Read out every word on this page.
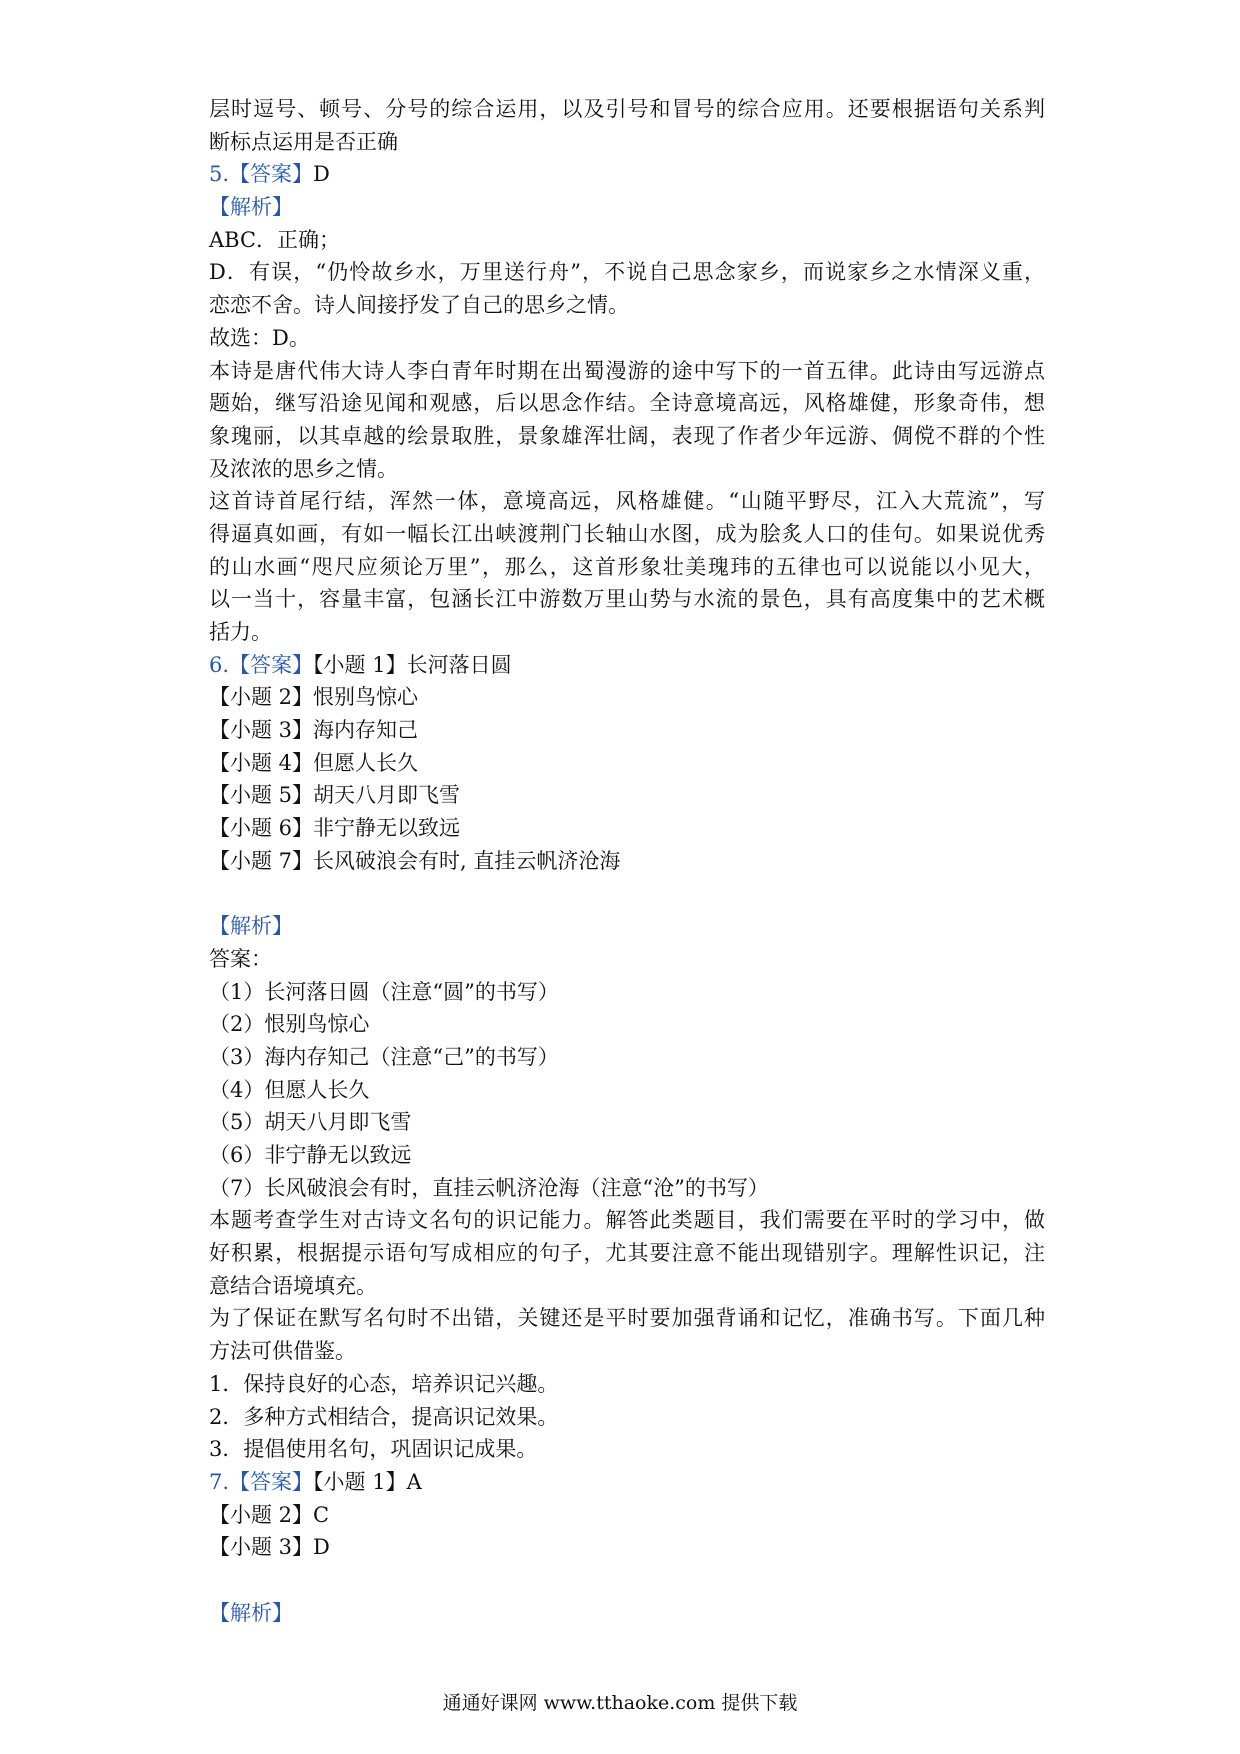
层时逗号、顿号、分号的综合运用，以及引号和冒号的综合应用。还要根据语句关系判
断标点运用是否正确
5.【答案】D
【解析】
ABC．正确；
D．有误，“仍怜故乡水，万里送行舟”，不说自己思念家乡，而说家乡之水情深义重，
恋恋不舍。诗人间接抒发了自己的思乡之情。
故选：D。
本诗是唐代伟大诗人李白青年时期在出蜀漫游的途中写下的一首五律。此诗由写远游点
题始，继写沿途见闻和观感，后以思念作结。全诗意境高远，风格雄健，形象奇伟，想
象瑰丽，以其卓越的绘景取胜，景象雄浑壮阔，表现了作者少年远游、倜傥不群的个性
及浓浓的思乡之情。
这首诗首尾行结，浑然一体，意境高远，风格雄健。“山随平野尽，江入大荒流”，写
得逼真如画，有如一幅长江出峡渡荆门长轴山水图，成为脍炙人口的佳句。如果说优秀
的山水画“咫尺应须论万里”，那么，这首形象壮美瑰玮的五律也可以说能以小见大，
以一当十，容量丰富，包涵长江中游数万里山势与水流的景色，具有高度集中的艺术概
括力。
6.【答案】【小题 1】长河落日圆
【小题 2】恨别鸟惊心
【小题 3】海内存知己
【小题 4】但愿人长久
【小题 5】胡天八月即飞雪
【小题 6】非宁静无以致远
【小题 7】长风破浪会有时, 直挂云帆济沧海
【解析】
答案：
（1）长河落日圆（注意“圆”的书写）
（2）恨别鸟惊心
（3）海内存知己（注意“己”的书写）
（4）但愿人长久
（5）胡天八月即飞雪
（6）非宁静无以致远
（7）长风破浪会有时，直挂云帆济沧海（注意“沧”的书写）
本题考查学生对古诗文名句的识记能力。解答此类题目，我们需要在平时的学习中，做
好积累，根据提示语句写成相应的句子，尤其要注意不能出现错别字。理解性识记，注
意结合语境填充。
为了保证在默写名句时不出错，关键还是平时要加强背诵和记忆，准确书写。下面几种
方法可供借鉴。
1．保持良好的心态，培养识记兴趣。
2．多种方式相结合，提高识记效果。
3．提倡使用名句，巩固识记成果。
7.【答案】【小题 1】A
【小题 2】C
【小题 3】D
【解析】
通通好课网 www.tthaoke.com 提供下载
